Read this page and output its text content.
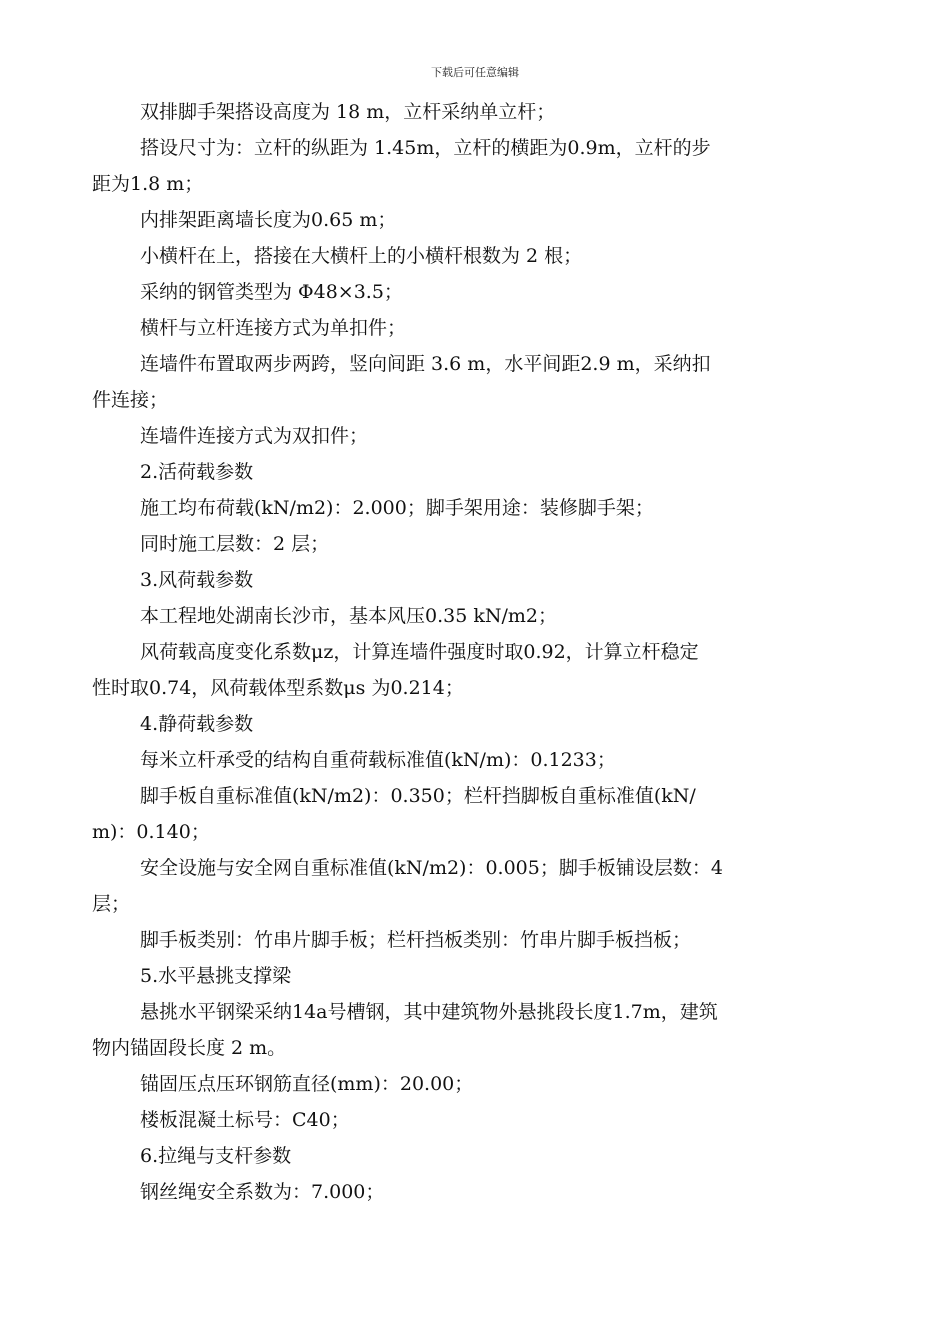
下载后可任意编辑

双排脚手架搭设高度为 18 m，立杆采纳单立杆；

搭设尺寸为：立杆的纵距为 1.45m，立杆的横距为0.9m，立杆的步
距为1.8 m；

内排架距离墙长度为0.65 m；

小横杆在上，搭接在大横杆上的小横杆根数为 2 根；

采纳的钢管类型为 Φ48×3.5；

横杆与立杆连接方式为单扣件；

连墙件布置取两步两跨，竖向间距 3.6 m，水平间距2.9 m，采纳扣
件连接；

连墙件连接方式为双扣件；

2.活荷载参数

施工均布荷载(kN/m2)：2.000；脚手架用途：装修脚手架；

同时施工层数：2 层；

3.风荷载参数

本工程地处湖南长沙市，基本风压0.35 kN/m2；

风荷载高度变化系数μz，计算连墙件强度时取0.92，计算立杆稳定
性时取0.74，风荷载体型系数μs 为0.214；

4.静荷载参数

每米立杆承受的结构自重荷载标准值(kN/m)：0.1233；

脚手板自重标准值(kN/m2)：0.350；栏杆挡脚板自重标准值(kN/
m)：0.140；

安全设施与安全网自重标准值(kN/m2)：0.005；脚手板铺设层数：4
层；

脚手板类别：竹串片脚手板；栏杆挡板类别：竹串片脚手板挡板；

5.水平悬挑支撑梁

悬挑水平钢梁采纳14a号槽钢，其中建筑物外悬挑段长度1.7m，建筑
物内锚固段长度 2 m。

锚固压点压环钢筋直径(mm)：20.00；

楼板混凝土标号：C40；

6.拉绳与支杆参数

钢丝绳安全系数为：7.000；
